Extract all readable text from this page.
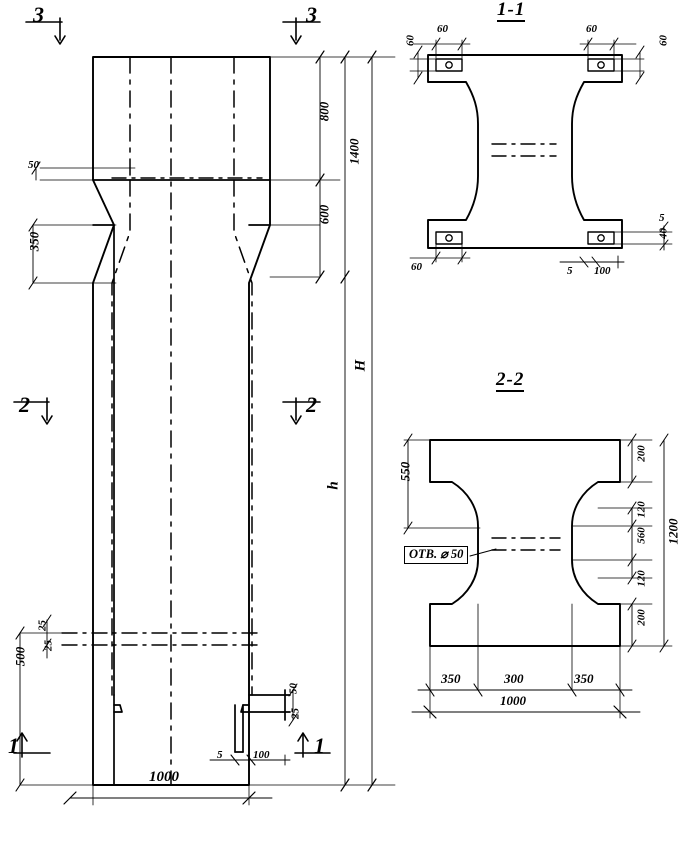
1-1
2-2
3	3
2	2
1	1
800
1400
600
350
H
h
500
25
25
50
1000
5	100
50
25
60
60
60
60
60
5
40
5 100
550
200
120
560 1200
120
200
350	300	350
1000
ОТВ. ⌀ 50
